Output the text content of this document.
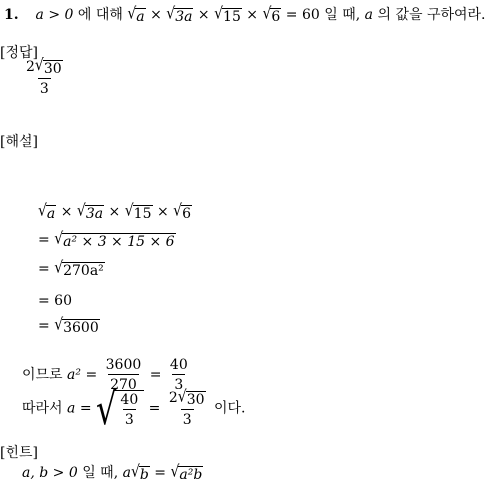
1. a > 0 에 대해 √ a × √ 3a × √ 15 × √ 6 = 60 일 때, a 의 값을 구하여라.
[정답]
$\frac{2 √ 30}{3}$
[해설]
√ a × √ 3a × √ 15 × √ 6
= √ a² × 3 × 15 × 6
= √ 270a²
= 60
= √ 3600
이므로 $a^2 = \frac{3600}{270} = \frac{40}{3}$
따라서 a = √ $\frac{40}{3} = \frac{2 √ 30}{3}$ 이다.
[힌트]
a, b > 0 일 때, a √ b = √ a²b
